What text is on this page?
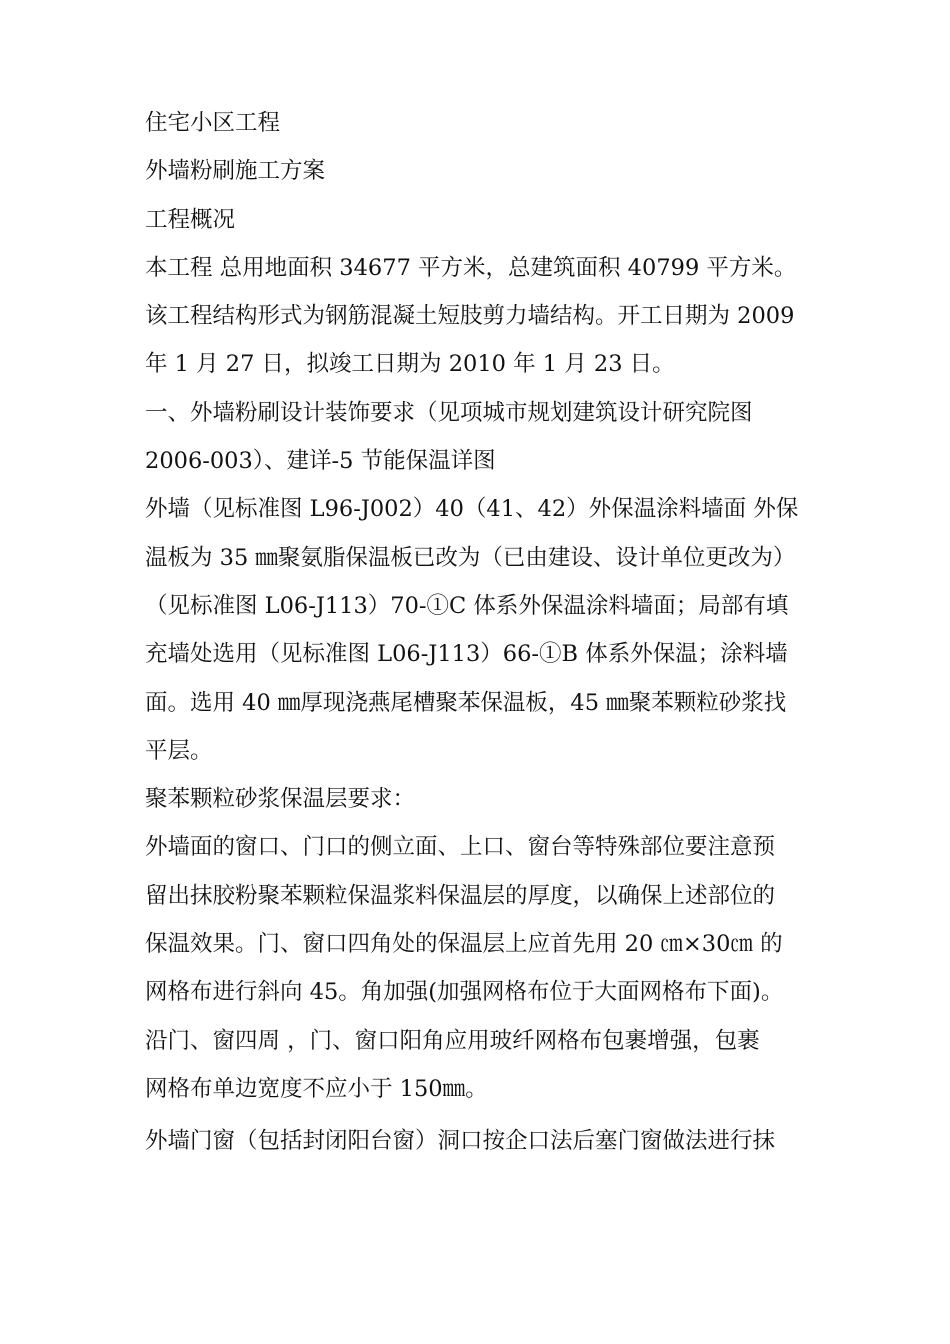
住宅小区工程
外墙粉刷施工方案
工程概况
本工程 总用地面积 34677 平方米，总建筑面积 40799 平方米。
该工程结构形式为钢筋混凝土短肢剪力墙结构。开工日期为 2009
年 1 月 27 日，拟竣工日期为 2010 年 1 月 23 日。
一、外墙粉刷设计装饰要求（见项城市规划建筑设计研究院图
2006-003）、建详-5 节能保温详图
外墙（见标准图 L96-J002）40（41、42）外保温涂料墙面 外保
温板为 35 ㎜聚氨脂保温板已改为（已由建设、设计单位更改为）
（见标准图 L06-J113）70-①C 体系外保温涂料墙面；局部有填
充墙处选用（见标准图 L06-J113）66-①B 体系外保温；涂料墙
面。选用 40 ㎜厚现浇燕尾槽聚苯保温板，45 ㎜聚苯颗粒砂浆找
平层。
聚苯颗粒砂浆保温层要求：
外墙面的窗口、门口的侧立面、上口、窗台等特殊部位要注意预
留出抹胶粉聚苯颗粒保温浆料保温层的厚度，以确保上述部位的
保温效果。门、窗口四角处的保温层上应首先用 20 ㎝×30㎝ 的
网格布进行斜向 45。角加强(加强网格布位于大面网格布下面)。
沿门、窗四周 ，门、窗口阳角应用玻纤网格布包裹增强，包裹
网格布单边宽度不应小于 150㎜。
外墙门窗（包括封闭阳台窗）洞口按企口法后塞门窗做法进行抹
